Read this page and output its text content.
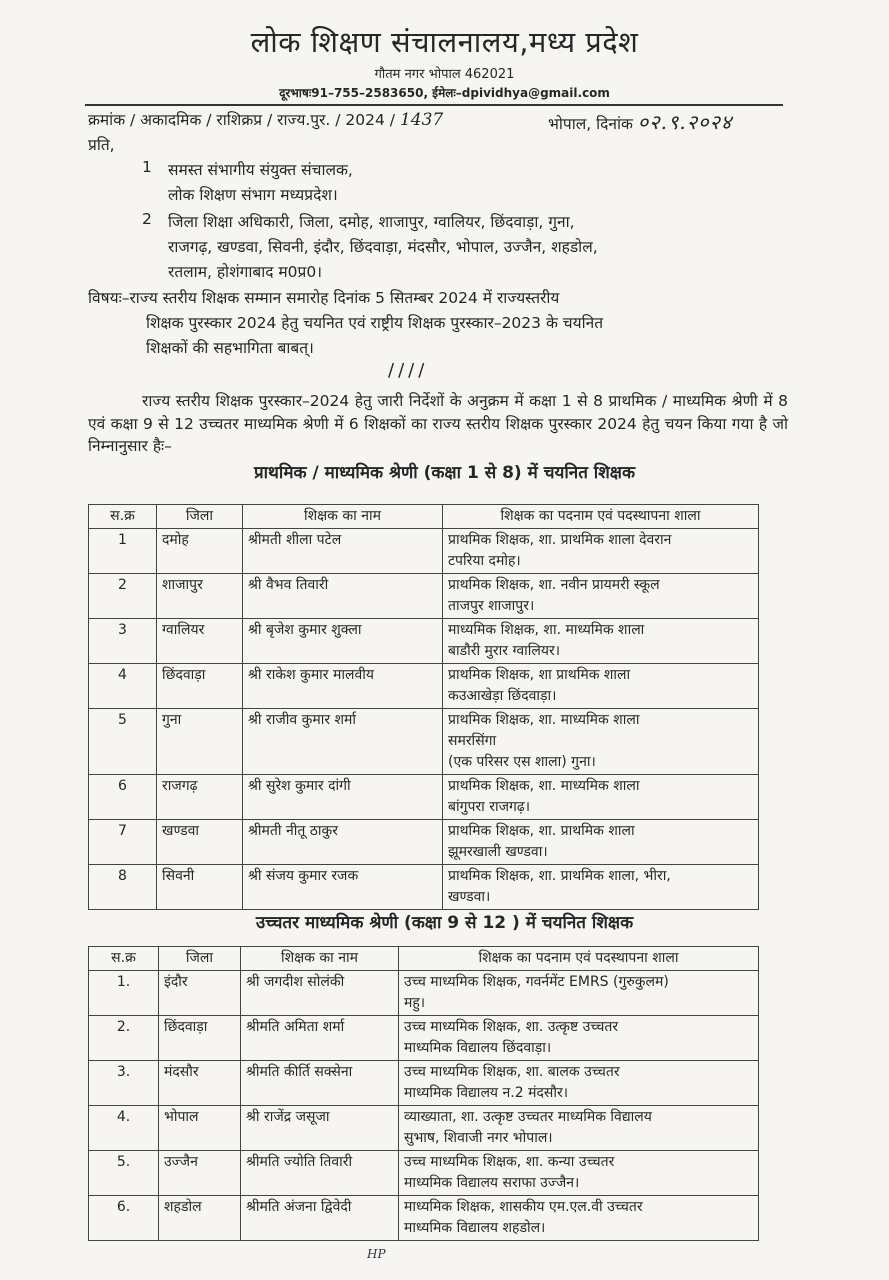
लोक शिक्षण संचालनालय,मध्य प्रदेश
गौतम नगर भोपाल 462021
दूरभाषः91–755–2583650, ईमेलः–dpividhya@gmail.com
क्रमांक / अकादमिक / राशिक्रप्र / राज्य.पुर. / 2024 / 1437	भोपाल, दिनांक ०२.९.२०२४
प्रति,
1 समस्त संभागीय संयुक्त संचालक,
लोक शिक्षण संभाग मध्यप्रदेश।
2 जिला शिक्षा अधिकारी, जिला, दमोह, शाजापुर, ग्वालियर, छिंदवाड़ा, गुना,
राजगढ़, खण्डवा, सिवनी, इंदौर, छिंदवाड़ा, मंदसौर, भोपाल, उज्जैन, शहडोल,
रतलाम, होशंगाबाद म0प्र0।
विषयः–राज्य स्तरीय शिक्षक सम्मान समारोह दिनांक 5 सितम्बर 2024 में राज्यस्तरीय
शिक्षक पुरस्कार 2024 हेतु चयनित एवं राष्ट्रीय शिक्षक पुरस्कार–2023 के चयनित
शिक्षकों की सहभागिता बाबत्।
////
राज्य स्तरीय शिक्षक पुरस्कार–2024 हेतु जारी निर्देशों के अनुक्रम में कक्षा 1 से 8 प्राथमिक / माध्यमिक श्रेणी में 8 एवं कक्षा 9 से 12 उच्चतर माध्यमिक श्रेणी में 6 शिक्षकों का राज्य स्तरीय शिक्षक पुरस्कार 2024 हेतु चयन किया गया है जो निम्नानुसार हैः–
प्राथमिक / माध्यमिक श्रेणी (कक्षा 1 से 8) में चयनित शिक्षक
स.क्र	जिला	शिक्षक का नाम	शिक्षक का पदनाम एवं पदस्थापना शाला
1	दमोह	श्रीमती शीला पटेल	प्राथमिक शिक्षक, शा. प्राथमिक शाला देवरान
टपरिया दमोह।

2	शाजापुर	श्री वैभव तिवारी	प्राथमिक शिक्षक, शा. नवीन प्रायमरी स्कूल
ताजपुर शाजापुर।

3	ग्वालियर	श्री बृजेश कुमार शुक्ला	माध्यमिक शिक्षक, शा. माध्यमिक शाला
बाडौरी मुरार ग्वालियर।

4	छिंदवाड़ा	श्री राकेश कुमार मालवीय	प्राथमिक शिक्षक, शा प्राथमिक शाला
कउआखेड़ा छिंदवाड़ा।

5	गुना	श्री राजीव कुमार शर्मा	प्राथमिक शिक्षक, शा. माध्यमिक शाला
समरसिंगा
(एक परिसर एस शाला) गुना।

6	राजगढ़	श्री सुरेश कुमार दांगी	प्राथमिक शिक्षक, शा. माध्यमिक शाला
बांगुपरा राजगढ़।

7	खण्डवा	श्रीमती नीतू ठाकुर	प्राथमिक शिक्षक, शा. प्राथमिक शाला
झूमरखाली खण्डवा।

8	सिवनी	श्री संजय कुमार रजक	प्राथमिक शिक्षक, शा. प्राथमिक शाला, भीरा,
खण्डवा।
उच्चतर माध्यमिक श्रेणी (कक्षा 9 से 12 ) में चयनित शिक्षक
स.क्र	जिला	शिक्षक का नाम	शिक्षक का पदनाम एवं पदस्थापना शाला
1.	इंदौर	श्री जगदीश सोलंकी	उच्च माध्यमिक शिक्षक, गवर्नमेंट EMRS (गुरुकुलम)
महु।

2.	छिंदवाड़ा	श्रीमति अमिता शर्मा	उच्च माध्यमिक शिक्षक, शा. उत्कृष्ट उच्चतर
माध्यमिक विद्यालय छिंदवाड़ा।

3.	मंदसौर	श्रीमति कीर्ति सक्सेना	उच्च माध्यमिक शिक्षक, शा. बालक उच्चतर
माध्यमिक विद्यालय न.2 मंदसौर।

4.	भोपाल	श्री राजेंद्र जसूजा	व्याख्याता, शा. उत्कृष्ट उच्चतर माध्यमिक विद्यालय
सुभाष, शिवाजी नगर भोपाल।

5.	उज्जैन	श्रीमति ज्योति तिवारी	उच्च माध्यमिक शिक्षक, शा. कन्या उच्चतर
माध्यमिक विद्यालय सराफा उज्जैन।

6.	शहडोल	श्रीमति अंजना द्विवेदी	माध्यमिक शिक्षक, शासकीय एम.एल.वी उच्चतर
माध्यमिक विद्यालय शहडोल।
HP
